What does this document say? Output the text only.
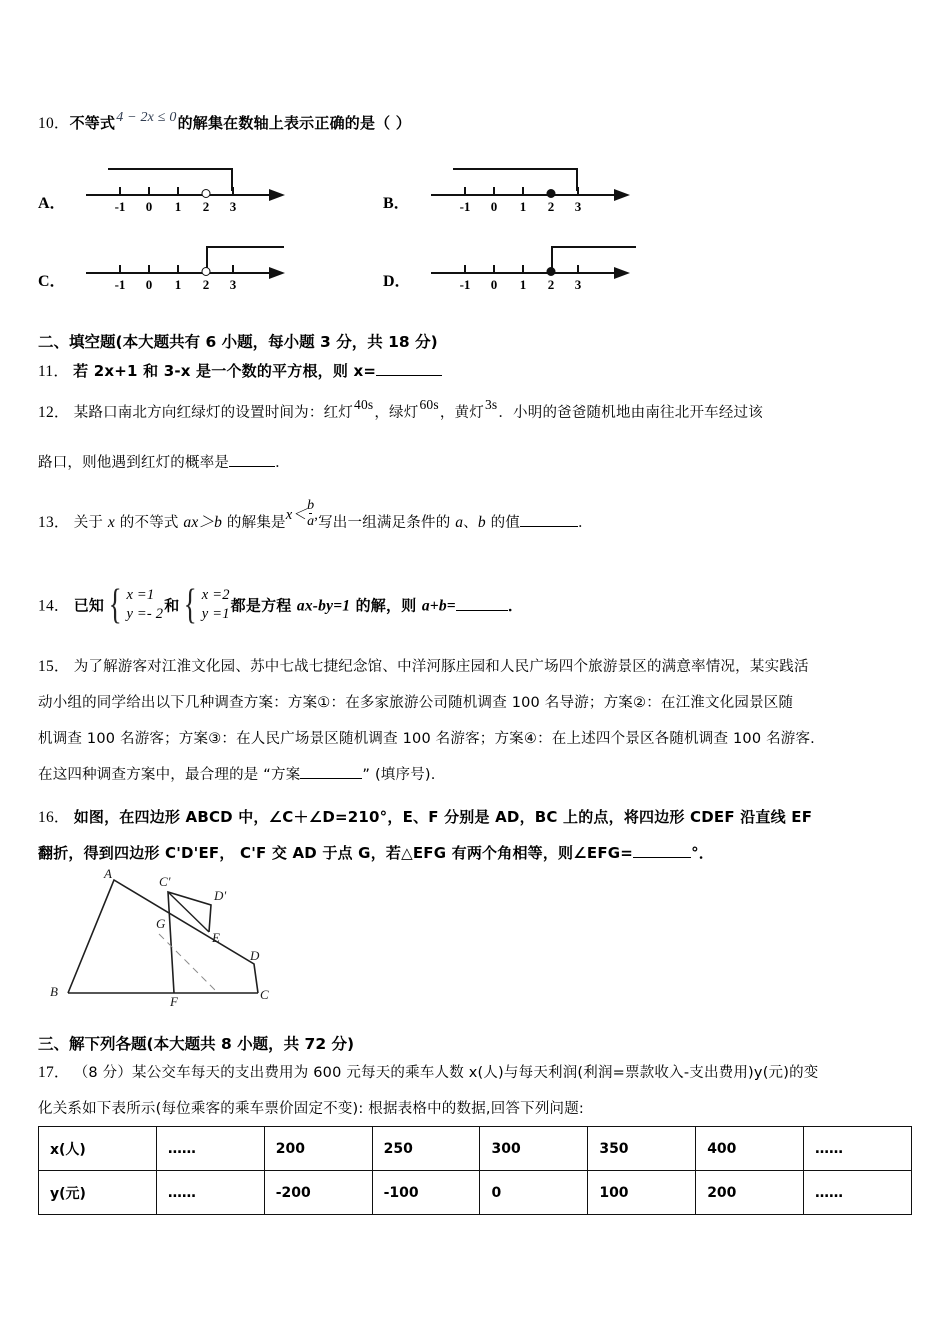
10． 不等式 4 − 2x ≤ 0 的解集在数轴上表示正确的是（ ）
A．	-1 0 1 2 3	B．	-1 0 1 2 3
C．	-1 0 1 2 3	D．	-1 0 1 2 3
二、填空题(本大题共有 6 小题，每小题 3 分，共 18 分)
11． 若 2x+1 和 3-x 是一个数的平方根，则 x=
12． 某路口南北方向红绿灯的设置时间为：红灯40s，绿灯60s，黄灯3s．小明的爸爸随机地由南往北开车经过该
路口，则他遇到红灯的概率是	．
13． 关于 x 的不等式 ax＞b 的解集是$x< \frac{b}{a}$ ,写出一组满足条件的 a、b 的值	．
14． 已知 { x =1
y =- 2 和 { x =2
y =1 都是方程 ax-by=1 的解，则 a+b=	．
15． 为了解游客对江淮文化园、苏中七战七捷纪念馆、中洋河豚庄园和人民广场四个旅游景区的满意率情况，某实践活
动小组的同学给出以下几种调查方案：方案①：在多家旅游公司随机调查 100 名导游；方案②：在江淮文化园景区随
机调查 100 名游客；方案③：在人民广场景区随机调查 100 名游客；方案④：在上述四个景区各随机调查 100 名游客.
在这四种调查方案中，最合理的是 “方案	” (填序号).
16． 如图，在四边形 ABCD 中，∠C＋∠D=210°，E、F 分别是 AD，BC 上的点，将四边形 CDEF 沿直线 EF
翻折，得到四边形 C'D'EF， C'F 交 AD 于点 G，若△EFG 有两个角相等，则∠EFG=	°．
A
C'
D'
G
E
D
B
F	C
三、解下列各题(本大题共 8 小题，共 72 分)
17． （8 分）某公交车每天的支出费用为 600 元每天的乘车人数 x(人)与每天利润(利润=票款收入-支出费用)y(元)的变
化关系如下表所示(每位乘客的乘车票价固定不变): 根据表格中的数据,回答下列问题:
x(人)	……	200	250	300	350	400	……
y(元)	……	-200	-100	0	100	200	……
